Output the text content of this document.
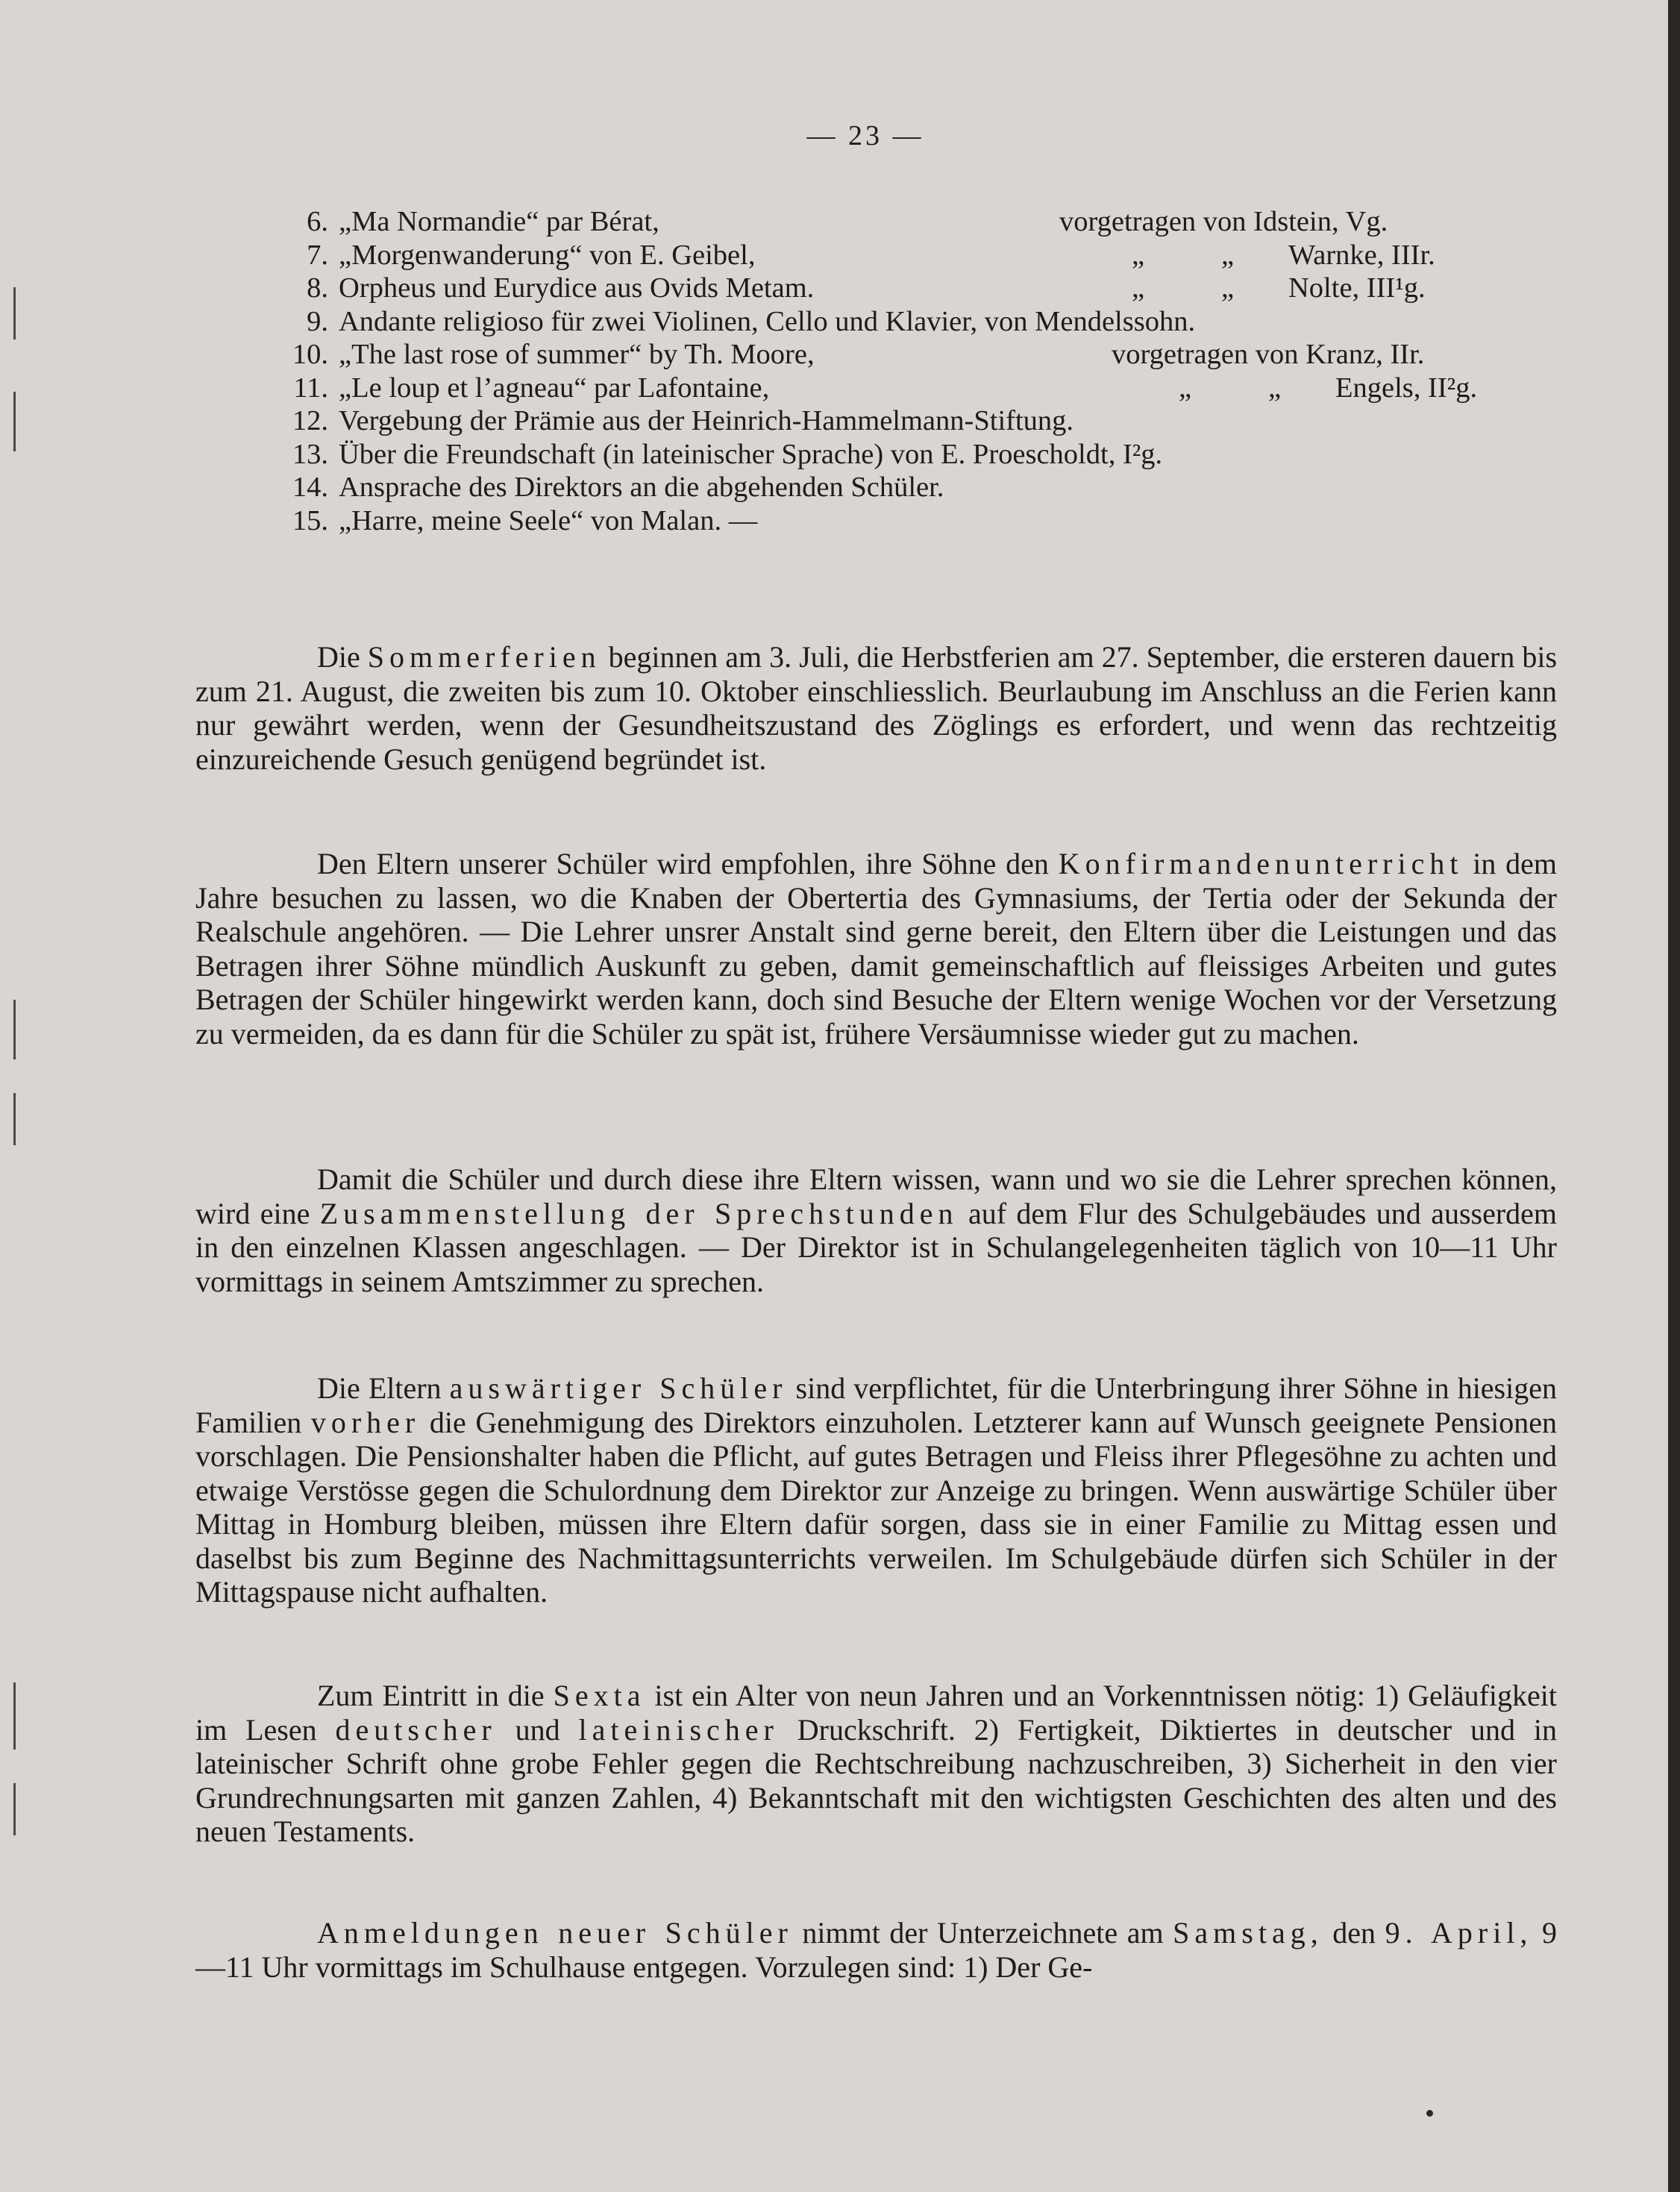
— 23 —
6. „Ma Normandie“ par Bérat,	vorgetragen von Idstein, Vg.
7. „Morgenwanderung“ von E. Geibel,	„	„ Warnke, IIIr.
8. Orpheus und Eurydice aus Ovids Metam.	„	„ Nolte, III¹g.
9. Andante religioso für zwei Violinen, Cello und Klavier, von Mendelssohn.
10. „The last rose of summer“ by Th. Moore,	vorgetragen von Kranz, IIr.
11. „Le loup et l’agneau“ par Lafontaine,	„	„ Engels, II²g.
12. Vergebung der Prämie aus der Heinrich-Hammelmann-Stiftung.
13. Über die Freundschaft (in lateinischer Sprache) von E. Proescholdt, I²g.
14. Ansprache des Direktors an die abgehenden Schüler.
15. „Harre, meine Seele“ von Malan. —

Die Sommerferien beginnen am 3. Juli, die Herbstferien am 27. September, die ersteren dauern bis zum 21. August, die zweiten bis zum 10. Oktober einschliesslich. Beurlaubung im Anschluss an die Ferien kann nur gewährt werden, wenn der Gesundheitszustand des Zöglings es erfordert, und wenn das rechtzeitig einzureichende Gesuch genügend begründet ist.

Den Eltern unserer Schüler wird empfohlen, ihre Söhne den Konfirmandenunterricht in dem Jahre besuchen zu lassen, wo die Knaben der Obertertia des Gymnasiums, der Tertia oder der Sekunda der Realschule angehören. — Die Lehrer unsrer Anstalt sind gerne bereit, den Eltern über die Leistungen und das Betragen ihrer Söhne mündlich Auskunft zu geben, damit gemeinschaftlich auf fleissiges Arbeiten und gutes Betragen der Schüler hingewirkt werden kann, doch sind Besuche der Eltern wenige Wochen vor der Versetzung zu vermeiden, da es dann für die Schüler zu spät ist, frühere Versäumnisse wieder gut zu machen.

Damit die Schüler und durch diese ihre Eltern wissen, wann und wo sie die Lehrer sprechen können, wird eine Zusammenstellung der Sprechstunden auf dem Flur des Schulgebäudes und ausserdem in den einzelnen Klassen angeschlagen. — Der Direktor ist in Schulangelegenheiten täglich von 10—11 Uhr vormittags in seinem Amtszimmer zu sprechen.

Die Eltern auswärtiger Schüler sind verpflichtet, für die Unterbringung ihrer Söhne in hiesigen Familien vorher die Genehmigung des Direktors einzuholen. Letzterer kann auf Wunsch geeignete Pensionen vorschlagen. Die Pensionshalter haben die Pflicht, auf gutes Betragen und Fleiss ihrer Pflegesöhne zu achten und etwaige Verstösse gegen die Schulordnung dem Direktor zur Anzeige zu bringen. Wenn auswärtige Schüler über Mittag in Homburg bleiben, müssen ihre Eltern dafür sorgen, dass sie in einer Familie zu Mittag essen und daselbst bis zum Beginne des Nachmittagsunterrichts verweilen. Im Schulgebäude dürfen sich Schüler in der Mittagspause nicht aufhalten.

Zum Eintritt in die Sexta ist ein Alter von neun Jahren und an Vorkenntnissen nötig: 1) Geläufigkeit im Lesen deutscher und lateinischer Druckschrift. 2) Fertigkeit, Diktiertes in deutscher und in lateinischer Schrift ohne grobe Fehler gegen die Rechtschreibung nachzuschreiben, 3) Sicherheit in den vier Grundrechnungsarten mit ganzen Zahlen, 4) Bekanntschaft mit den wichtigsten Geschichten des alten und des neuen Testaments.

Anmeldungen neuer Schüler nimmt der Unterzeichnete am Samstag, den 9. April, 9—11 Uhr vormittags im Schulhause entgegen. Vorzulegen sind: 1) Der Ge-
